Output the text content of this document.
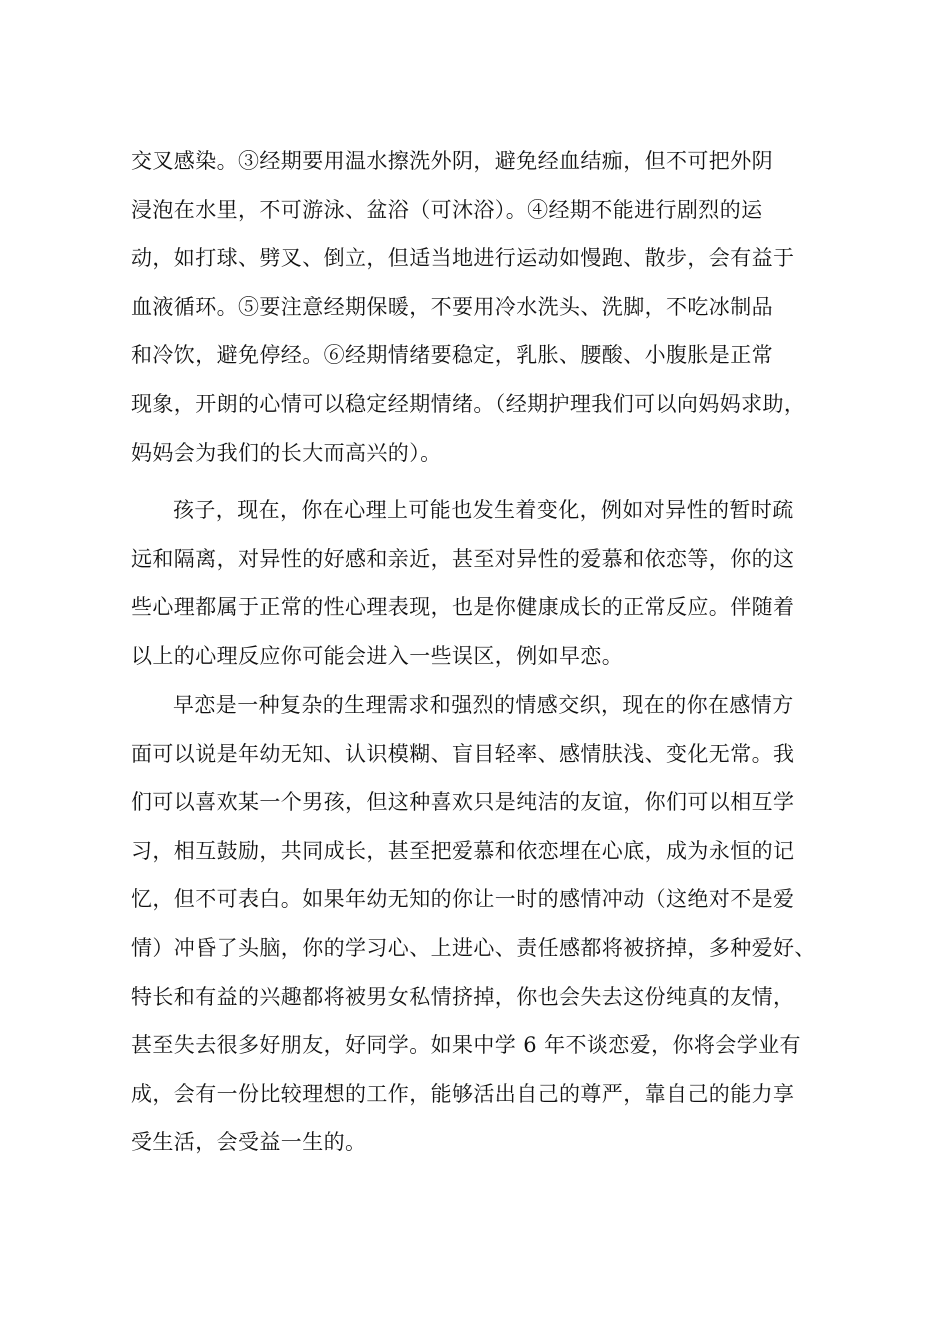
交叉感染。③经期要用温水擦洗外阴，避免经血结痂，但不可把外阴
浸泡在水里，不可游泳、盆浴（可沐浴）。④经期不能进行剧烈的运
动，如打球、劈叉、倒立，但适当地进行运动如慢跑、散步，会有益于
血液循环。⑤要注意经期保暖，不要用冷水洗头、洗脚，不吃冰制品
和冷饮，避免停经。⑥经期情绪要稳定，乳胀、腰酸、小腹胀是正常
现象，开朗的心情可以稳定经期情绪。（经期护理我们可以向妈妈求助，
妈妈会为我们的长大而高兴的）。
孩子，现在，你在心理上可能也发生着变化，例如对异性的暂时疏
远和隔离，对异性的好感和亲近，甚至对异性的爱慕和依恋等，你的这
些心理都属于正常的性心理表现，也是你健康成长的正常反应。伴随着
以上的心理反应你可能会进入一些误区，例如早恋。
早恋是一种复杂的生理需求和强烈的情感交织，现在的你在感情方
面可以说是年幼无知、认识模糊、盲目轻率、感情肤浅、变化无常。我
们可以喜欢某一个男孩，但这种喜欢只是纯洁的友谊，你们可以相互学
习，相互鼓励，共同成长，甚至把爱慕和依恋埋在心底，成为永恒的记
忆，但不可表白。如果年幼无知的你让一时的感情冲动（这绝对不是爱
情）冲昏了头脑，你的学习心、上进心、责任感都将被挤掉，多种爱好、
特长和有益的兴趣都将被男女私情挤掉，你也会失去这份纯真的友情，
甚至失去很多好朋友，好同学。如果中学 6 年不谈恋爱，你将会学业有
成，会有一份比较理想的工作，能够活出自己的尊严，靠自己的能力享
受生活，会受益一生的。
